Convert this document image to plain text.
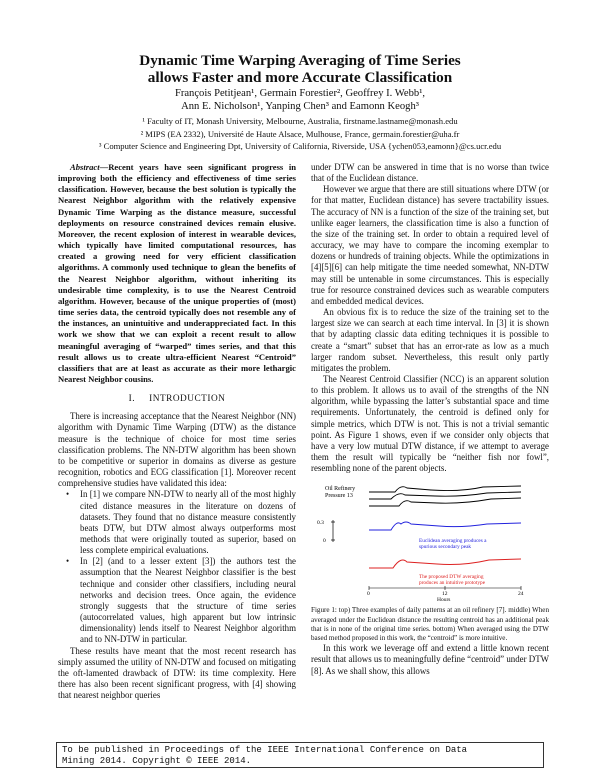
Dynamic Time Warping Averaging of Time Series
allows Faster and more Accurate Classification
François Petitjean¹, Germain Forestier², Geoffrey I. Webb¹,
Ann E. Nicholson¹, Yanping Chen³ and Eamonn Keogh³
¹ Faculty of IT, Monash University, Melbourne, Australia, firstname.lastname@monash.edu
² MIPS (EA 2332), Université de Haute Alsace, Mulhouse, France, germain.forestier@uha.fr
³ Computer Science and Engineering Dpt, University of California, Riverside, USA {ychen053,eamonn}@cs.ucr.edu

Abstract—Recent years have seen significant progress in improving both the efficiency and effectiveness of time series classification. However, because the best solution is typically the Nearest Neighbor algorithm with the relatively expensive Dynamic Time Warping as the distance measure, successful deployments on resource constrained devices remain elusive. Moreover, the recent explosion of interest in wearable devices, which typically have limited computational resources, has created a growing need for very efficient classification algorithms. A commonly used technique to glean the benefits of the Nearest Neighbor algorithm, without inheriting its undesirable time complexity, is to use the Nearest Centroid algorithm. However, because of the unique properties of (most) time series data, the centroid typically does not resemble any of the instances, an unintuitive and underappreciated fact. In this work we show that we can exploit a recent result to allow meaningful averaging of “warped” times series, and that this result allows us to create ultra-efficient Nearest “Centroid” classifiers that are at least as accurate as their more lethargic Nearest Neighbor cousins.

I. INTRODUCTION

There is increasing acceptance that the Nearest Neighbor (NN) algorithm with Dynamic Time Warping (DTW) as the distance measure is the technique of choice for most time series classification problems. The NN-DTW algorithm has been shown to be competitive or superior in domains as diverse as gesture recognition, robotics and ECG classification [1]. Moreover recent comprehensive studies have validated this idea:

•	In [1] we compare NN-DTW to nearly all of the most highly cited distance measures in the literature on dozens of datasets. They found that no distance measure consistently beats DTW, but DTW almost always outperforms most methods that were originally touted as superior, based on less complete empirical evaluations.
•	In [2] (and to a lesser extent [3]) the authors test the assumption that the Nearest Neighbor classifier is the best technique and consider other classifiers, including neural networks and decision trees. Once again, the evidence strongly suggests that the structure of time series (autocorrelated values, high apparent but low intrinsic dimensionality) lends itself to Nearest Neighbor algorithm and to NN-DTW in particular.

These results have meant that the most recent research has simply assumed the utility of NN-DTW and focused on mitigating the oft-lamented drawback of DTW: its time complexity. Here there has also been recent significant progress, with [4] showing that nearest neighbor queries

under DTW can be answered in time that is no worse than twice that of the Euclidean distance.

However we argue that there are still situations where DTW (or for that matter, Euclidean distance) has severe tractability issues. The accuracy of NN is a function of the size of the training set, but unlike eager learners, the classification time is also a function of the size of the training set. In order to obtain a required level of accuracy, we may have to compare the incoming exemplar to dozens or hundreds of training objects. While the optimizations in [4][5][6] can help mitigate the time needed somewhat, NN-DTW may still be untenable in some circumstances. This is especially true for resource constrained devices such as wearable computers and embedded medical devices.

An obvious fix is to reduce the size of the training set to the largest size we can search at each time interval. In [3] it is shown that by adapting classic data editing techniques it is possible to create a “smart” subset that has an error-rate as low as a much larger random subset. Nevertheless, this result only partly mitigates the problem.

The Nearest Centroid Classifier (NCC) is an apparent solution to this problem. It allows us to avail of the strengths of the NN algorithm, while bypassing the latter’s substantial space and time requirements. Unfortunately, the centroid is defined only for simple metrics, which DTW is not. This is not a trivial semantic point. As Figure 1 shows, even if we consider only objects that have a very low mutual DTW distance, if we attempt to average them the result will typically be “neither fish nor fowl”, resembling none of the parent objects.

Oil Refinery
Pressure 13
0.3
0	Euclidean averaging produces a
spurious secondary peak
The proposed DTW averaging
produces an intuitive prototype
0	12	24
Hours

Figure 1: top) Three examples of daily patterns at an oil refinery [7]. middle) When averaged under the Euclidean distance the resulting centroid has an additional peak that is in none of the original time series. bottom) When averaged using the DTW based method proposed in this work, the “centroid” is more intuitive.

In this work we leverage off and extend a little known recent result that allows us to meaningfully define “centroid” under DTW [8]. As we shall show, this allows

To be published in Proceedings of the IEEE International Conference on Data
Mining 2014. Copyright © IEEE 2014.
